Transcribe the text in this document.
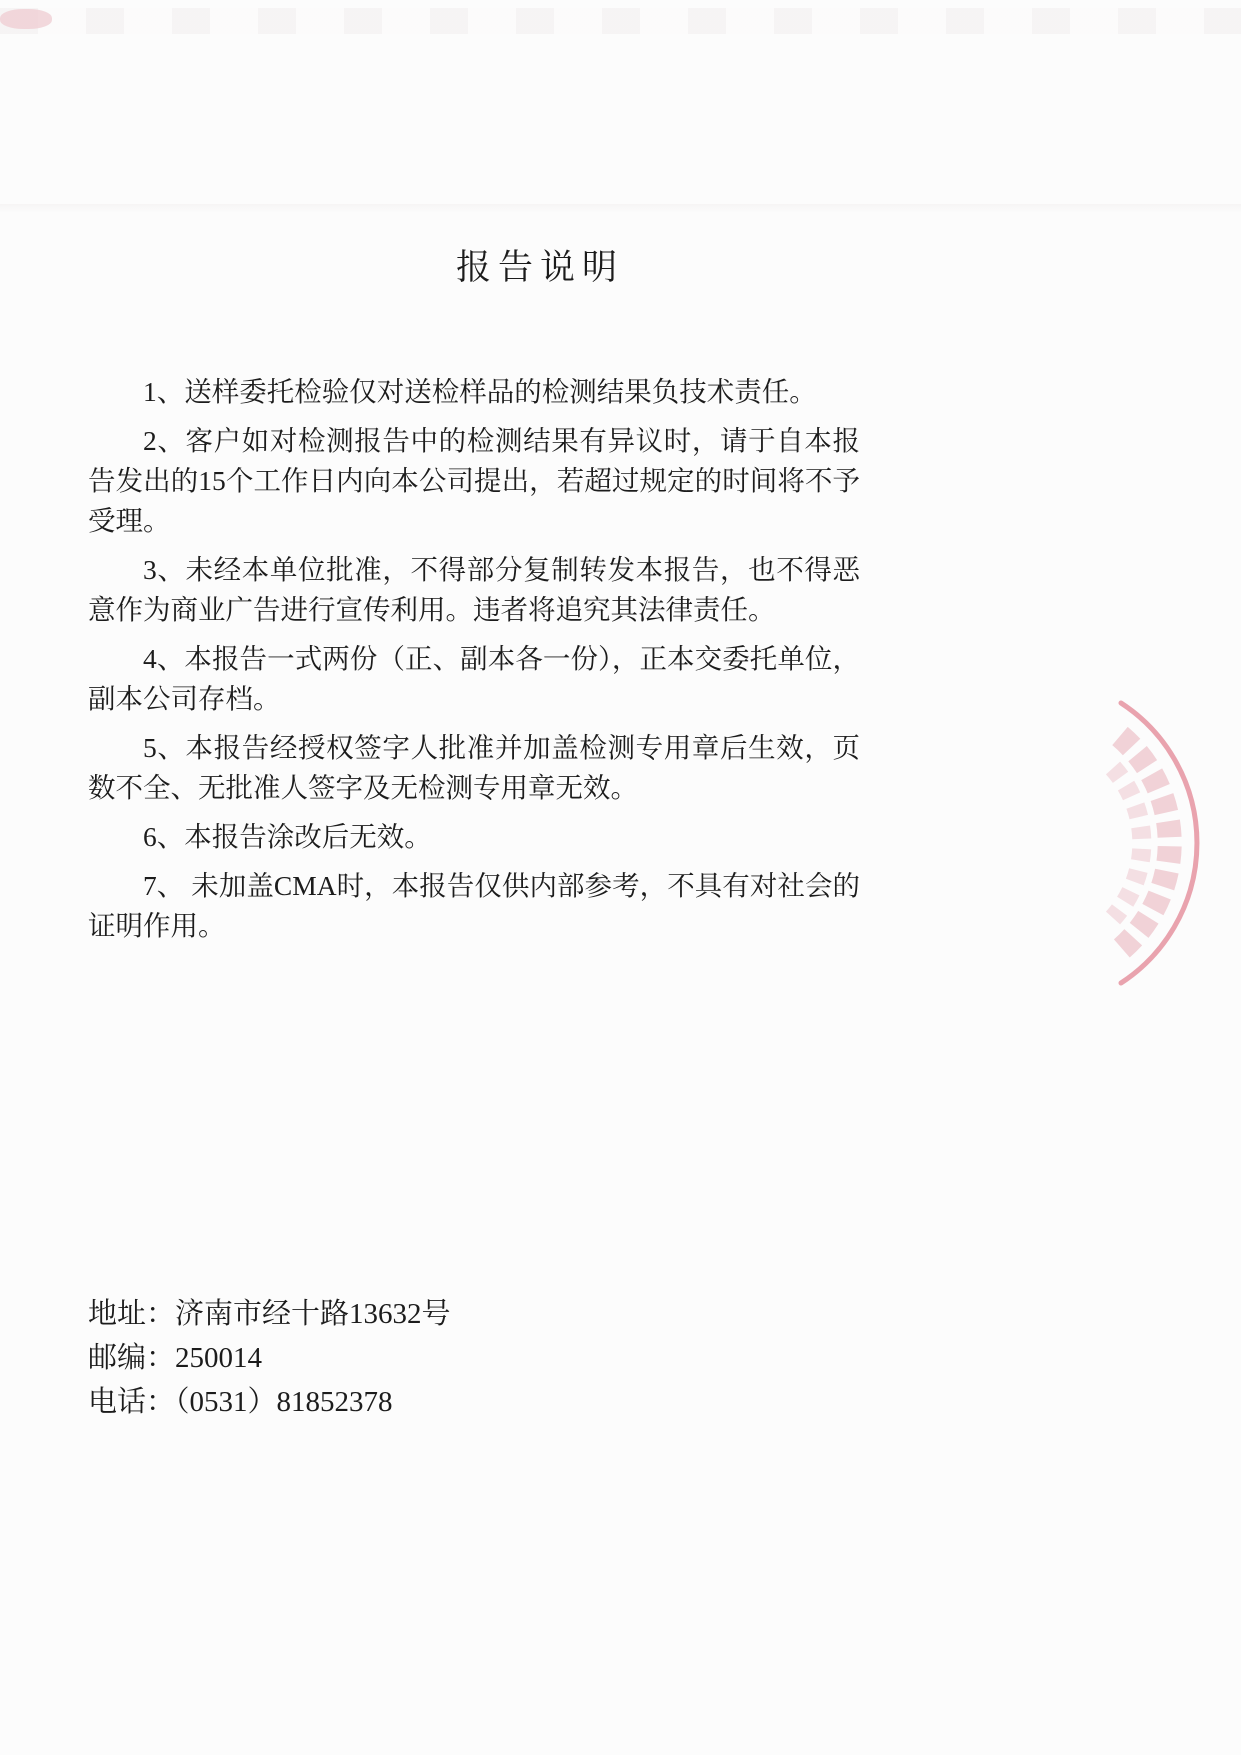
报告说明

1、送样委托检验仅对送检样品的检测结果负技术责任。

2、客户如对检测报告中的检测结果有异议时，请于自本报告发出的15个工作日内向本公司提出，若超过规定的时间将不予受理。

3、未经本单位批准，不得部分复制转发本报告，也不得恶意作为商业广告进行宣传利用。违者将追究其法律责任。

4、本报告一式两份（正、副本各一份），正本交委托单位，副本公司存档。

5、本报告经授权签字人批准并加盖检测专用章后生效，页数不全、无批准人签字及无检测专用章无效。

6、本报告涂改后无效。

7、 未加盖CMA时，本报告仅供内部参考，不具有对社会的证明作用。

地址：济南市经十路13632号
邮编：250014
电话：（0531）81852378
